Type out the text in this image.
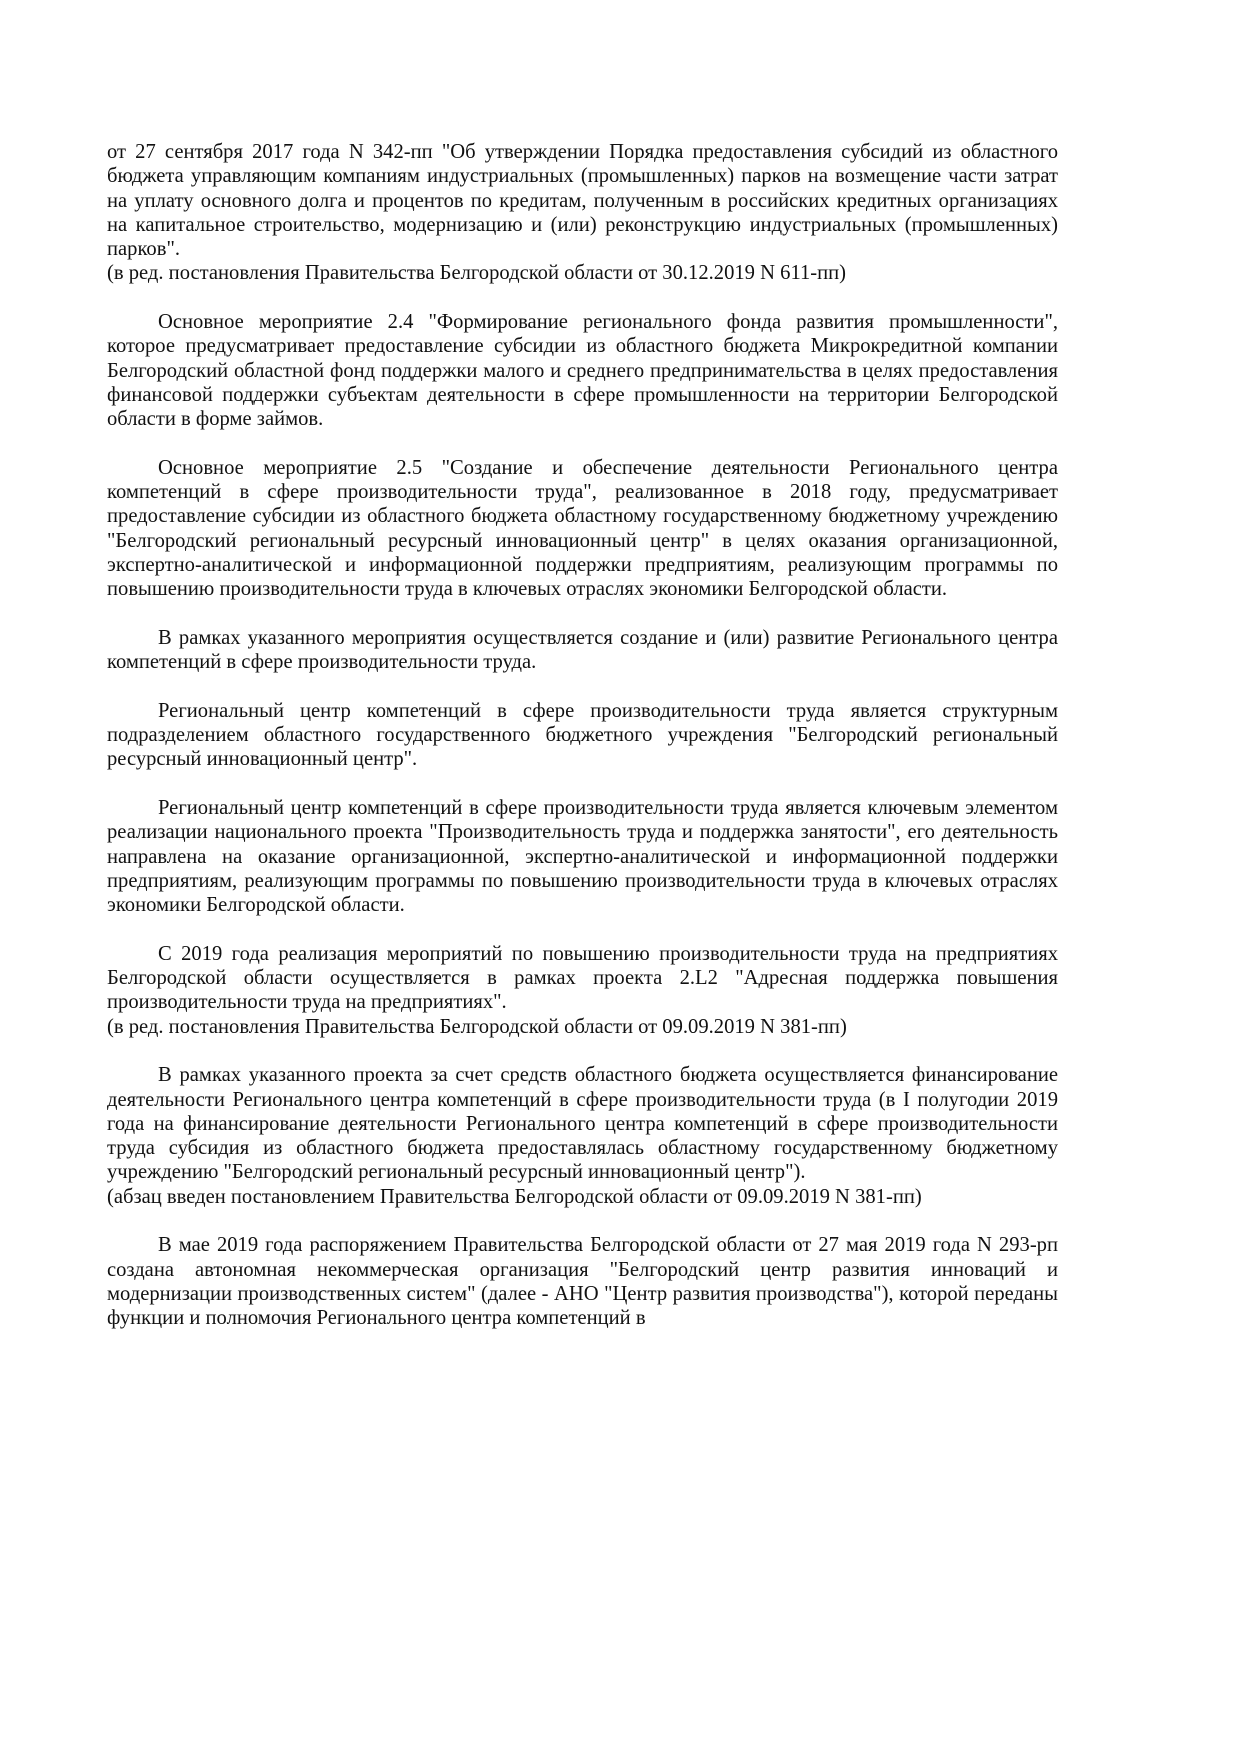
от 27 сентября 2017 года N 342-пп "Об утверждении Порядка предоставления субсидий из областного бюджета управляющим компаниям индустриальных (промышленных) парков на возмещение части затрат на уплату основного долга и процентов по кредитам, полученным в российских кредитных организациях на капитальное строительство, модернизацию и (или) реконструкцию индустриальных (промышленных) парков".

(в ред. постановления Правительства Белгородской области от 30.12.2019 N 611-пп)

Основное мероприятие 2.4 "Формирование регионального фонда развития промышленности", которое предусматривает предоставление субсидии из областного бюджета Микрокредитной компании Белгородский областной фонд поддержки малого и среднего предпринимательства в целях предоставления финансовой поддержки субъектам деятельности в сфере промышленности на территории Белгородской области в форме займов.

Основное мероприятие 2.5 "Создание и обеспечение деятельности Регионального центра компетенций в сфере производительности труда", реализованное в 2018 году, предусматривает предоставление субсидии из областного бюджета областному государственному бюджетному учреждению "Белгородский региональный ресурсный инновационный центр" в целях оказания организационной, экспертно-аналитической и информационной поддержки предприятиям, реализующим программы по повышению производительности труда в ключевых отраслях экономики Белгородской области.

В рамках указанного мероприятия осуществляется создание и (или) развитие Регионального центра компетенций в сфере производительности труда.

Региональный центр компетенций в сфере производительности труда является структурным подразделением областного государственного бюджетного учреждения "Белгородский региональный ресурсный инновационный центр".

Региональный центр компетенций в сфере производительности труда является ключевым элементом реализации национального проекта "Производительность труда и поддержка занятости", его деятельность направлена на оказание организационной, экспертно-аналитической и информационной поддержки предприятиям, реализующим программы по повышению производительности труда в ключевых отраслях экономики Белгородской области.

С 2019 года реализация мероприятий по повышению производительности труда на предприятиях Белгородской области осуществляется в рамках проекта 2.L2 "Адресная поддержка повышения производительности труда на предприятиях".

(в ред. постановления Правительства Белгородской области от 09.09.2019 N 381-пп)

В рамках указанного проекта за счет средств областного бюджета осуществляется финансирование деятельности Регионального центра компетенций в сфере производительности труда (в I полугодии 2019 года на финансирование деятельности Регионального центра компетенций в сфере производительности труда субсидия из областного бюджета предоставлялась областному государственному бюджетному учреждению "Белгородский региональный ресурсный инновационный центр").

(абзац введен постановлением Правительства Белгородской области от 09.09.2019 N 381-пп)

В мае 2019 года распоряжением Правительства Белгородской области от 27 мая 2019 года N 293-рп создана автономная некоммерческая организация "Белгородский центр развития инноваций и модернизации производственных систем" (далее - АНО "Центр развития производства"), которой переданы функции и полномочия Регионального центра компетенций в
